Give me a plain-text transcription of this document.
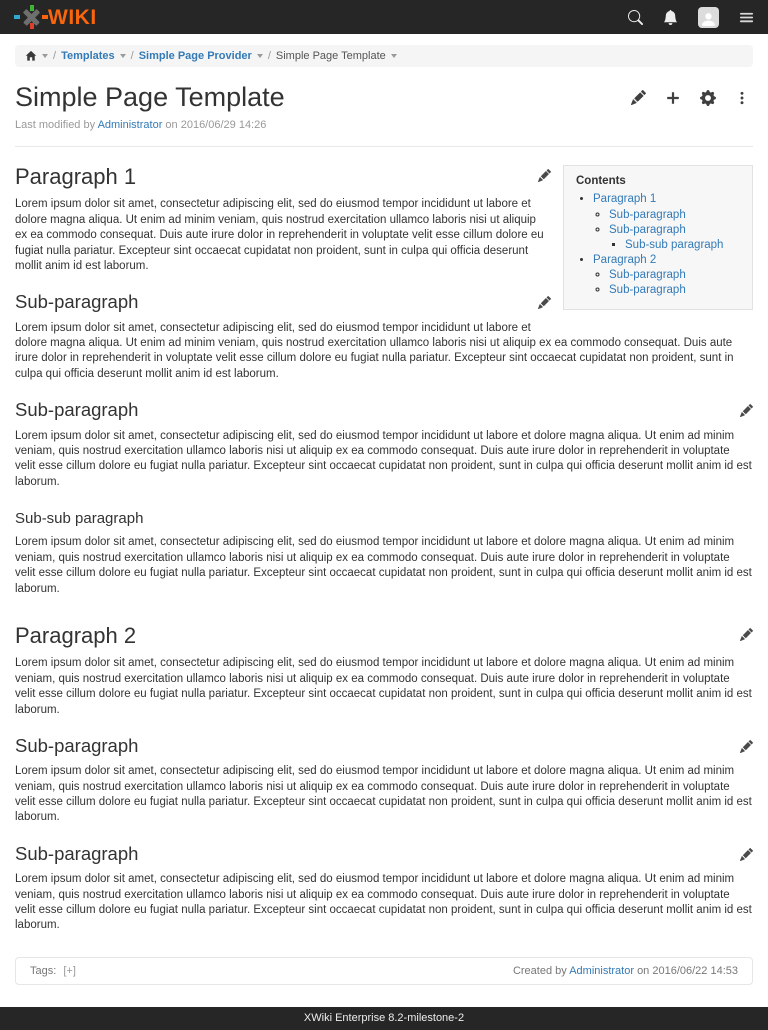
WIKI
/ Templates / Simple Page Provider / Simple Page Template
Simple Page Template

Last modified by Administrator on 2016/06/29 14:26

Contents
• Paragraph 1
◦ Sub-paragraph
◦ Sub-paragraph
▪ Sub-sub paragraph
• Paragraph 2
◦ Sub-paragraph
◦ Sub-paragraph
Paragraph 1

Lorem ipsum dolor sit amet, consectetur adipiscing elit, sed do eiusmod tempor incididunt ut labore et dolore magna aliqua. Ut enim ad minim veniam, quis nostrud exercitation ullamco laboris nisi ut aliquip ex ea commodo consequat. Duis aute irure dolor in reprehenderit in voluptate velit esse cillum dolore eu fugiat nulla pariatur. Excepteur sint occaecat cupidatat non proident, sunt in culpa qui officia deserunt mollit anim id est laborum.

Sub-paragraph

Lorem ipsum dolor sit amet, consectetur adipiscing elit, sed do eiusmod tempor incididunt ut labore et dolore magna aliqua. Ut enim ad minim veniam, quis nostrud exercitation ullamco laboris nisi ut aliquip ex ea commodo consequat. Duis aute irure dolor in reprehenderit in voluptate velit esse cillum dolore eu fugiat nulla pariatur. Excepteur sint occaecat cupidatat non proident, sunt in culpa qui officia deserunt mollit anim id est laborum.

Sub-paragraph

Lorem ipsum dolor sit amet, consectetur adipiscing elit, sed do eiusmod tempor incididunt ut labore et dolore magna aliqua. Ut enim ad minim veniam, quis nostrud exercitation ullamco laboris nisi ut aliquip ex ea commodo consequat. Duis aute irure dolor in reprehenderit in voluptate velit esse cillum dolore eu fugiat nulla pariatur. Excepteur sint occaecat cupidatat non proident, sunt in culpa qui officia deserunt mollit anim id est laborum.

Sub-sub paragraph

Lorem ipsum dolor sit amet, consectetur adipiscing elit, sed do eiusmod tempor incididunt ut labore et dolore magna aliqua. Ut enim ad minim veniam, quis nostrud exercitation ullamco laboris nisi ut aliquip ex ea commodo consequat. Duis aute irure dolor in reprehenderit in voluptate velit esse cillum dolore eu fugiat nulla pariatur. Excepteur sint occaecat cupidatat non proident, sunt in culpa qui officia deserunt mollit anim id est laborum.

Paragraph 2

Lorem ipsum dolor sit amet, consectetur adipiscing elit, sed do eiusmod tempor incididunt ut labore et dolore magna aliqua. Ut enim ad minim veniam, quis nostrud exercitation ullamco laboris nisi ut aliquip ex ea commodo consequat. Duis aute irure dolor in reprehenderit in voluptate velit esse cillum dolore eu fugiat nulla pariatur. Excepteur sint occaecat cupidatat non proident, sunt in culpa qui officia deserunt mollit anim id est laborum.

Sub-paragraph

Lorem ipsum dolor sit amet, consectetur adipiscing elit, sed do eiusmod tempor incididunt ut labore et dolore magna aliqua. Ut enim ad minim veniam, quis nostrud exercitation ullamco laboris nisi ut aliquip ex ea commodo consequat. Duis aute irure dolor in reprehenderit in voluptate velit esse cillum dolore eu fugiat nulla pariatur. Excepteur sint occaecat cupidatat non proident, sunt in culpa qui officia deserunt mollit anim id est laborum.

Sub-paragraph

Lorem ipsum dolor sit amet, consectetur adipiscing elit, sed do eiusmod tempor incididunt ut labore et dolore magna aliqua. Ut enim ad minim veniam, quis nostrud exercitation ullamco laboris nisi ut aliquip ex ea commodo consequat. Duis aute irure dolor in reprehenderit in voluptate velit esse cillum dolore eu fugiat nulla pariatur. Excepteur sint occaecat cupidatat non proident, sunt in culpa qui officia deserunt mollit anim id est laborum.

Tags: [+]	Created by Administrator on 2016/06/22 14:53
XWiki Enterprise 8.2-milestone-2
